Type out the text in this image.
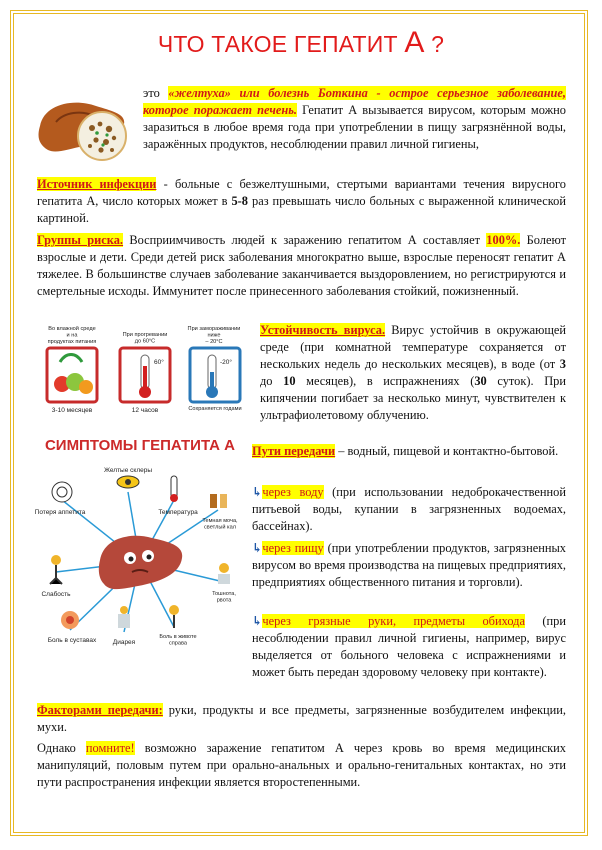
ЧТО ТАКОЕ ГЕПАТИТ А ?
это «желтуха» или болезнь Боткина - острое серьезное заболевание, которое поражает печень. Гепатит А вызывается вирусом, которым можно заразиться в любое время года при употреблении в пищу загрязнённой воды, заражённых продуктов, несоблюдении правил личной гигиены,
Источник инфекции - больные с безжелтушными, стертыми вариантами течения вирусного гепатита А, число которых может в 5-8 раз превышать число больных с выраженной клинической картиной.
Группы риска. Восприимчивость людей к заражению гепатитом А составляет 100%. Болеют взрослые и дети. Среди детей риск заболевания многократно выше, взрослые переносят гепатит А тяжелее. В большинстве случаев заболевание заканчивается выздоровлением, но регистрируются и смертельные исходы. Иммунитет после принесенного заболевания стойкий, пожизненный.
Во влажной среде и на продуктах питания
При прогревании до 60°С
При замораживании ниже – 20°С
60°	-20°
3-10 месяцев	12 часов	Сохраняется годами
СИМПТОМЫ ГЕПАТИТА А
Желтые склеры
Потеря аппетита	Температура
Темная моча, светлый кал
Слабость	Тошнота, рвота
Боль в суставах	Диарея
Боль в животе справа
Устойчивость вируса. Вирус устойчив в окружающей среде (при комнатной температуре сохраняется от нескольких недель до нескольких месяцев), в воде (от 3 до 10 месяцев), в испражнениях (30 суток). При кипячении погибает за несколько минут, чувствителен к ультрафиолетовому облучению.
Пути передачи – водный, пищевой и контактно-бытовой.
↳через воду (при использовании недоброкачественной питьевой воды, купании в загрязненных водоемах, бассейнах).
↳через пищу (при употреблении продуктов, загрязненных вирусом во время производства на пищевых предприятиях, предприятиях общественного питания и торговли).
↳через грязные руки, предметы обихода (при несоблюдении правил личной гигиены, например, вирус выделяется от больного человека с испражнениями и может быть передан здоровому человеку при контакте).
Факторами передачи: руки, продукты и все предметы, загрязненные возбудителем инфекции, мухи.
Однако помните! возможно заражение гепатитом А через кровь во время медицинских манипуляций, половым путем при орально-анальных и орально-генитальных контактах, но эти пути распространения инфекции является второстепенными.
